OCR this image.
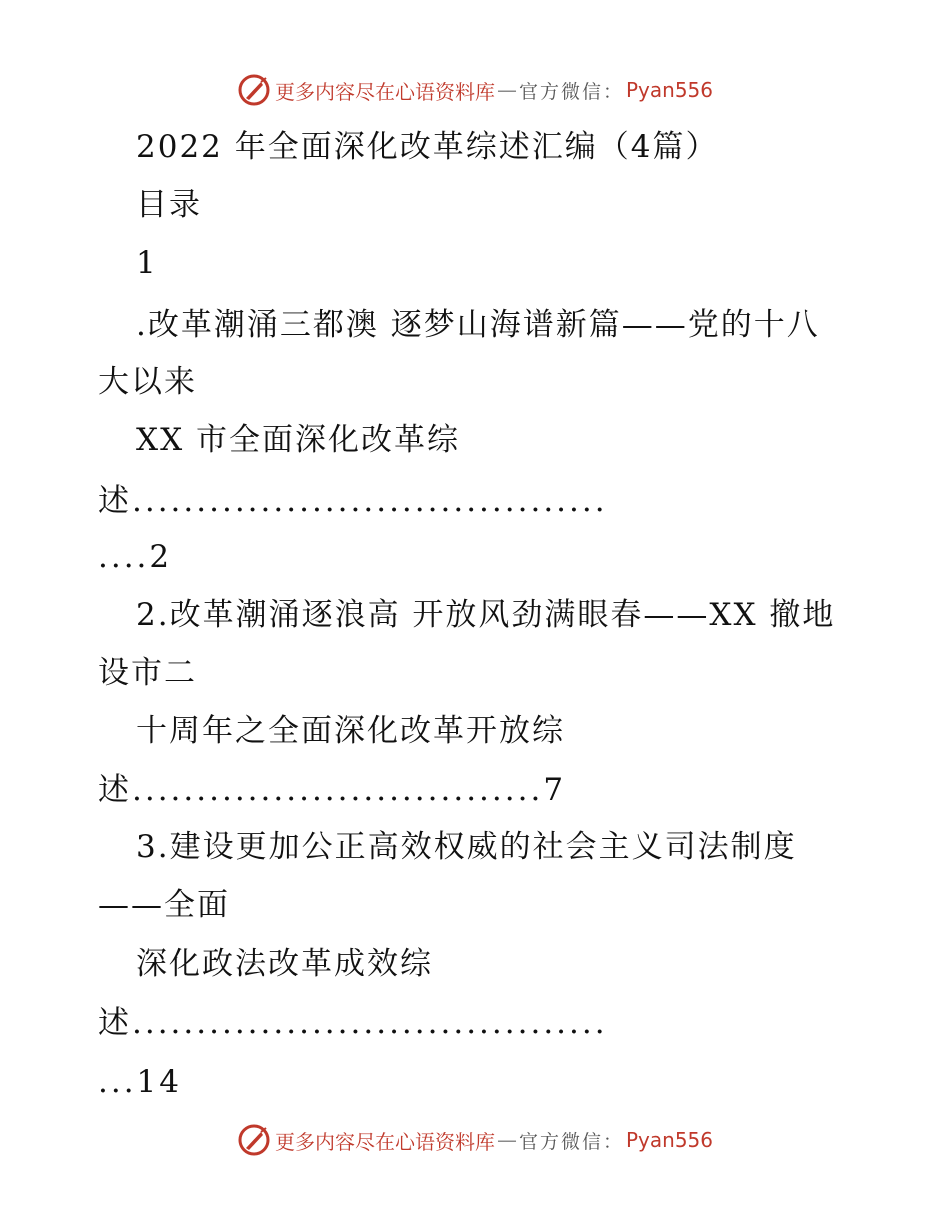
更多内容尽在心语资料库 — 官方微信： Pyan556
2022 年全面深化改革综述汇编（4篇）
目录
1
.改革潮涌三都澳 逐梦山海谱新篇——党的十八
大以来
XX 市全面深化改革综
述.....................................
....2
2.改革潮涌逐浪高 开放风劲满眼春——XX 撤地
设市二
十周年之全面深化改革开放综
述................................7
3.建设更加公正高效权威的社会主义司法制度
——全面
深化政法改革成效综
述.....................................
...14
更多内容尽在心语资料库 — 官方微信： Pyan556
